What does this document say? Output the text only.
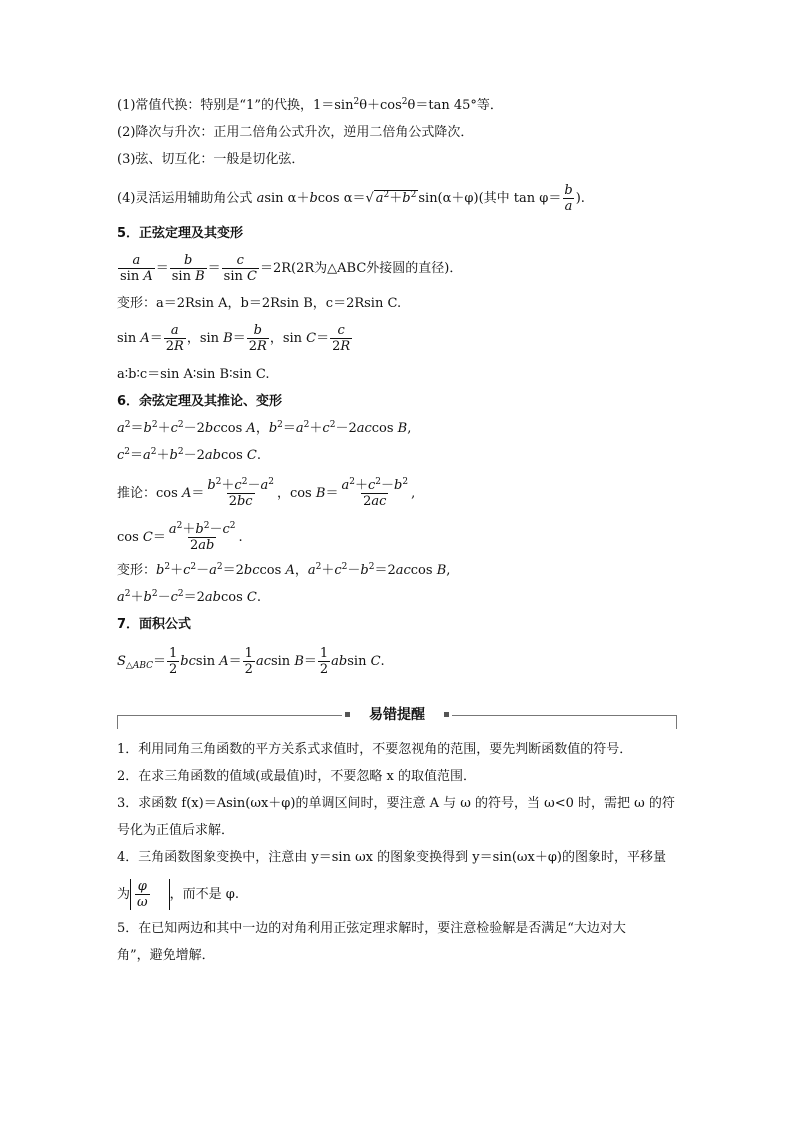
(1)常值代换：特别是“1”的代换，$1=\sin^2\theta+\cos^2\theta=\tan$ 45°等．
(2)降次与升次：正用二倍角公式升次，逆用二倍角公式降次．
(3)弦、切互化：一般是切化弦．
(4)灵活运用辅助角公式 asin α＋bcos α＝√ $a^2+b^2$ sin(α＋φ)(其中 $\tan \varphi= \frac{b}{a}$ ).
5．正弦定理及其变形
$\frac{a}{\text{sin A}} = \frac{b}{\text{sin B}} = \frac{c}{\text{sin C}} =2R(2R$为△ABC外接圆的直径)．
变形：a＝2Rsin A，b＝2Rsin B，c＝2Rsin C.
$\sin A= \frac{a}{2R}$ ，$\sin B= \frac{b}{2R}$ ，$\sin C= \frac{c}{2R}$
a∶b∶c＝sin A∶sin B∶sin C.
6．余弦定理及其推论、变形
$a^2=b^2+c^2-2bccos$ A，$b^2=a^2+c^2-2accos$ B,
$c^2=a^2+b^2-2abcos$ C.
推论：$\cos A= \frac{b^2+c^2-a^2}{2bc}$ ，$\cos B= \frac{a^2+c^2-b^2}{2ac}$ ,
$\cos C= \frac{a^2+b^2-c^2}{2ab}$ .
变形：$b^2+c^2-a^2=2bccos$ A，$a^2+c^2-b^2=2accos$ B,
$a^2+b^2-c^2=2abcos$ C.
7．面积公式
$S_{\triangle ABC}= \frac{1}{2}$ bcsin $A= \frac{1}{2}$ acsin $B= \frac{1}{2}$ absin C.
易错提醒
1．利用同角三角函数的平方关系式求值时，不要忽视角的范围，要先判断函数值的符号．
2．在求三角函数的值域(或最值)时，不要忽略 x 的取值范围．
3．求函数 f(x)＝Asin(ωx＋φ)的单调区间时，要注意 A 与 ω 的符号，当 ω<0 时，需把 ω 的符
号化为正值后求解．
4．三角函数图象变换中，注意由 y＝sin ωx 的图象变换得到 y＝sin(ωx＋φ)的图象时，平移量
为 $\frac{\varphi}{\omega}$ ，而不是 φ.
5．在已知两边和其中一边的对角利用正弦定理求解时，要注意检验解是否满足“大边对大
角”，避免增解．
